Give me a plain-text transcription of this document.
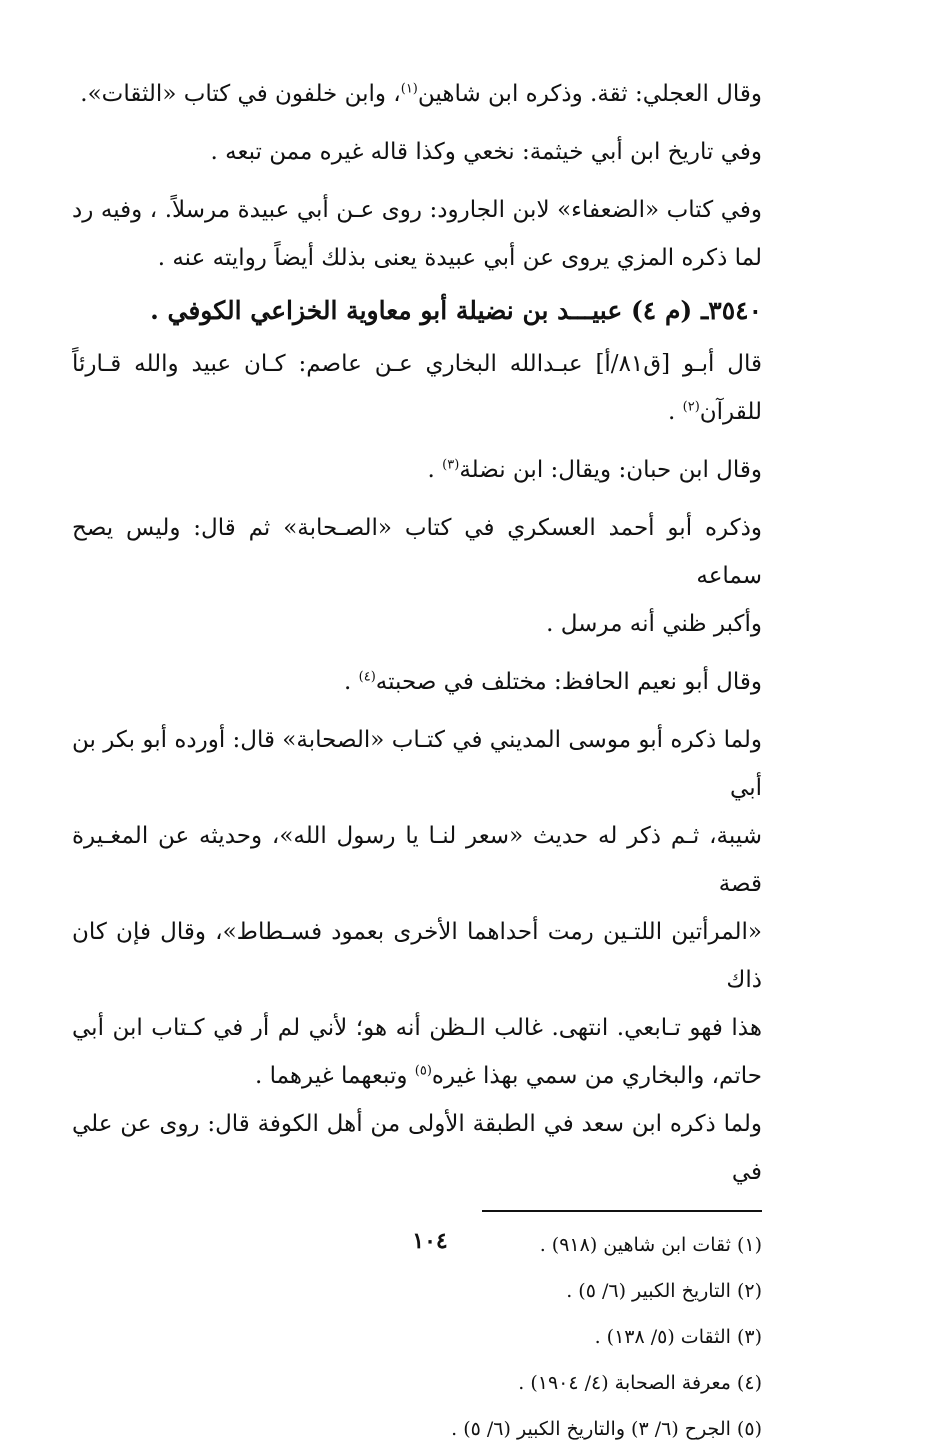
وقال العجلي: ثقة. وذكره ابن شاهين$^{(١)}$، وابن خلفون في كتاب «الثقات».
وفي تاريخ ابن أبي خيثمة: نخعي وكذا قاله غيره ممن تبعه .
وفي كتاب «الضعفاء» لابن الجارود: روى عـن أبي عبيدة مرسلاً. ، وفيه رد
لما ذكره المزي يروى عن أبي عبيدة يعنى بذلك أيضاً روايته عنه .
٣٥٤٠ـ (م ٤) عبيـــد بن نضيلة أبو معاوية الخزاعي الكوفي .
قال أبـو [ق٨١/أ] عبـدالله البخاري عـن عاصم: كـان عبيد والله قـارئاً
للقرآن$^{(٢)}$ .
وقال ابن حبان: ويقال: ابن نضلة$^{(٣)}$ .
وذكره أبو أحمد العسكري في كتاب «الصـحابة» ثم قال: وليس يصح سماعه
وأكبر ظني أنه مرسل .
وقال أبو نعيم الحافظ: مختلف في صحبته$^{(٤)}$ .
ولما ذكره أبو موسى المديني في كتـاب «الصحابة» قال: أورده أبو بكر بن أبي
شيبة، ثـم ذكر له حديث «سعر لنـا يا رسول الله»، وحديثه عن المغـيرة قصة
«المرأتين اللتـين رمت أحداهما الأخرى بعمود فسـطاط»، وقال فإن كان ذاك
هذا فهو تـابعي. انتهى. غالب الـظن أنه هو؛ لأني لم أر في كـتاب ابن أبي
حاتم، والبخاري من سمي بهذا غيره$^{(٥)}$ وتبعهما غيرهما .
ولما ذكره ابن سعد في الطبقة الأولى من أهل الكوفة قال: روى عن علي في
(١) ثقات ابن شاهين (٩١٨) .
(٢) التاريخ الكبير (٦/ ٥) .
(٣) الثقات (٥/ ١٣٨) .
(٤) معرفة الصحابة (٤/ ١٩٠٤) .
(٥) الجرح (٦/ ٣) والتاريخ الكبير (٦/ ٥) .
١٠٤
